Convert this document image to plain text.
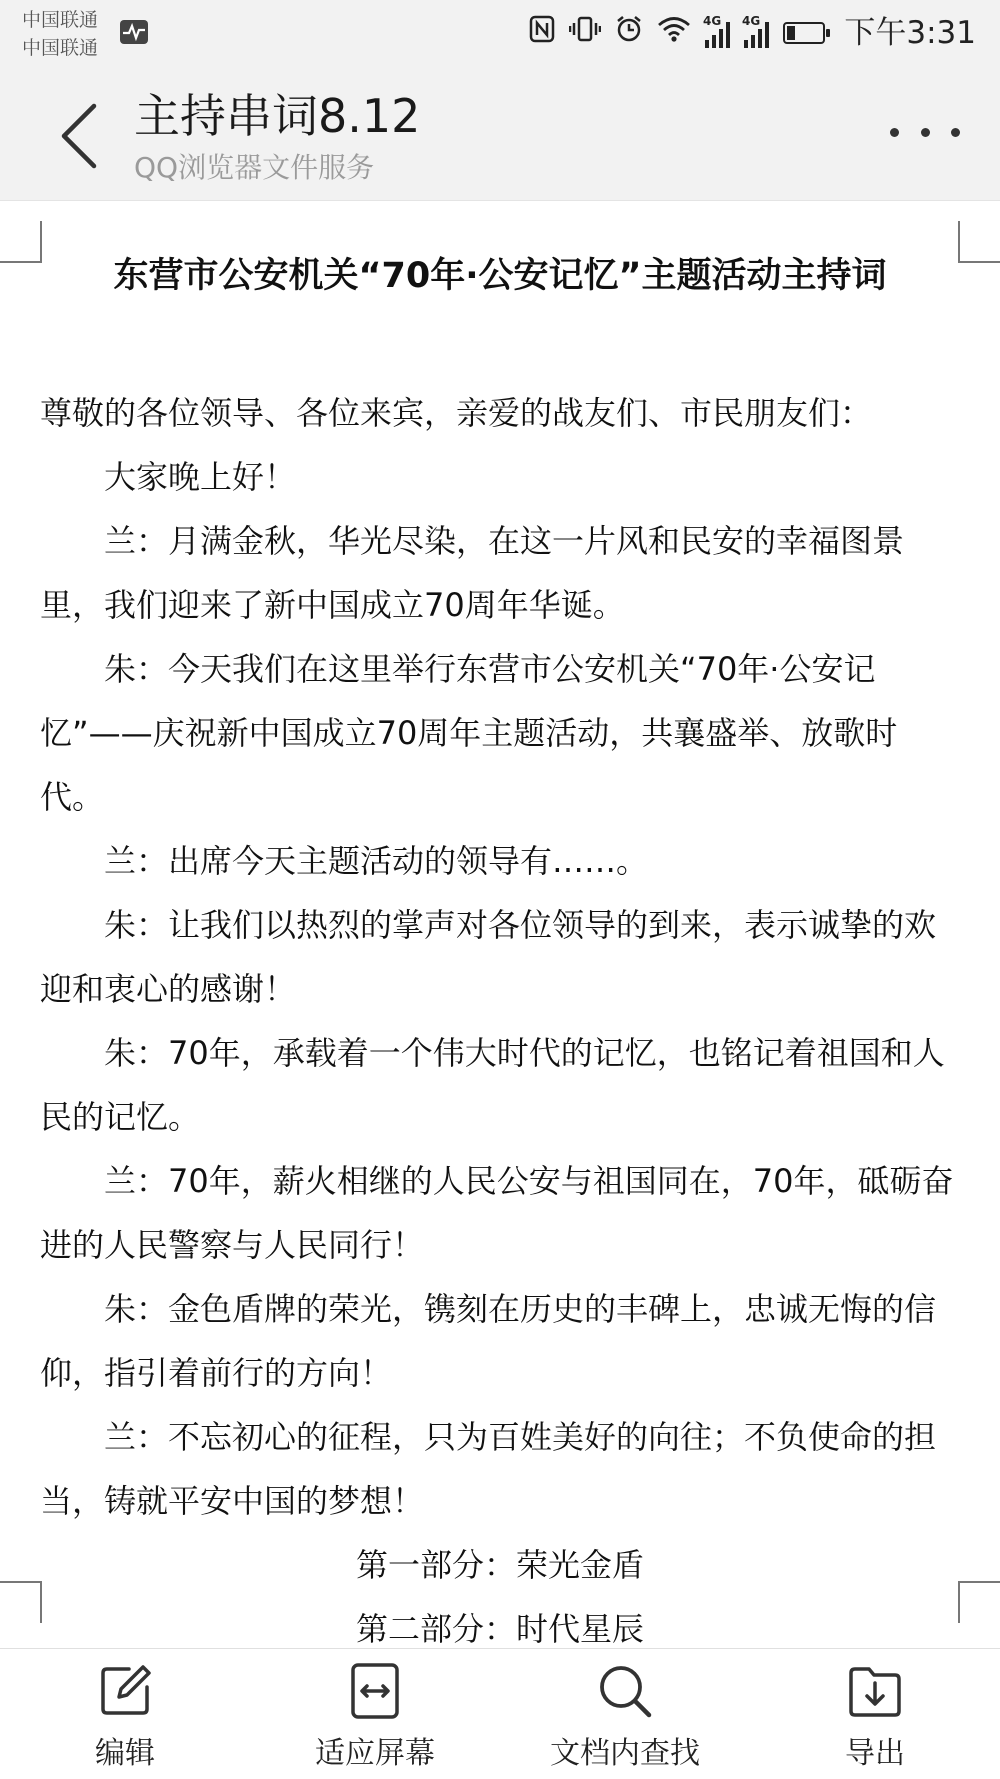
中国联通
中国联通
4G 4G	下午3:31
主持串词8.12
QQ浏览器文件服务
东营市公安机关“70年·公安记忆”主题活动主持词

尊敬的各位领导、各位来宾，亲爱的战友们、市民朋友们：

大家晚上好！

兰：月满金秋，华光尽染，在这一片风和民安的幸福图景里，我们迎来了新中国成立70周年华诞。

朱：今天我们在这里举行东营市公安机关“70年·公安记忆”——庆祝新中国成立70周年主题活动，共襄盛举、放歌时代。

兰：出席今天主题活动的领导有……。

朱：让我们以热烈的掌声对各位领导的到来，表示诚挚的欢迎和衷心的感谢！

朱：70年，承载着一个伟大时代的记忆，也铭记着祖国和人民的记忆。

兰：70年，薪火相继的人民公安与祖国同在，70年，砥砺奋进的人民警察与人民同行！

朱：金色盾牌的荣光，镌刻在历史的丰碑上，忠诚无悔的信仰，指引着前行的方向！

兰：不忘初心的征程，只为百姓美好的向往；不负使命的担当，铸就平安中国的梦想！

第一部分：荣光金盾

第二部分：时代星辰

编辑	适应屏幕	文档内查找	导出
